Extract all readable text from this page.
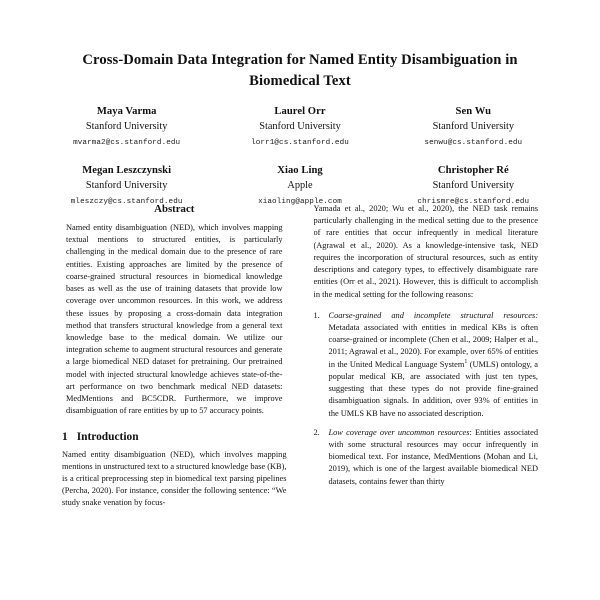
Cross-Domain Data Integration for Named Entity Disambiguation in Biomedical Text
Maya Varma
Stanford University
mvarma2@cs.stanford.edu
Laurel Orr
Stanford University
lorr1@cs.stanford.edu
Sen Wu
Stanford University
senwu@cs.stanford.edu
Megan Leszczynski
Stanford University
mleszczy@cs.stanford.edu
Xiao Ling
Apple
xiaoling@apple.com
Christopher Ré
Stanford University
chrismre@cs.stanford.edu
Abstract

Named entity disambiguation (NED), which involves mapping textual mentions to structured entities, is particularly challenging in the medical domain due to the presence of rare entities. Existing approaches are limited by the presence of coarse-grained structural resources in biomedical knowledge bases as well as the use of training datasets that provide low coverage over uncommon resources. In this work, we address these issues by proposing a cross-domain data integration method that transfers structural knowledge from a general text knowledge base to the medical domain. We utilize our integration scheme to augment structural resources and generate a large biomedical NED dataset for pretraining. Our pretrained model with injected structural knowledge achieves state-of-the-art performance on two benchmark medical NED datasets: MedMentions and BC5CDR. Furthermore, we improve disambiguation of rare entities by up to 57 accuracy points.

1 Introduction

Named entity disambiguation (NED), which involves mapping mentions in unstructured text to a structured knowledge base (KB), is a critical preprocessing step in biomedical text parsing pipelines (Percha, 2020). For instance, consider the following sentence: “We study snake venation by focus-

Yamada et al., 2020; Wu et al., 2020), the NED task remains particularly challenging in the medical setting due to the presence of rare entities that occur infrequently in medical literature (Agrawal et al., 2020). As a knowledge-intensive task, NED requires the incorporation of structural resources, such as entity descriptions and category types, to effectively disambiguate rare entities (Orr et al., 2021). However, this is difficult to accomplish in the medical setting for the following reasons:

1. Coarse-grained and incomplete structural resources: Metadata associated with entities in medical KBs is often coarse-grained or incomplete (Chen et al., 2009; Halper et al., 2011; Agrawal et al., 2020). For example, over 65% of entities in the United Medical Language System$^1$ (UMLS) ontology, a popular medical KB, are associated with just ten types, suggesting that these types do not provide fine-grained disambiguation signals. In addition, over 93% of entities in the UMLS KB have no associated description.
2. Low coverage over uncommon resources: Entities associated with some structural resources may occur infrequently in biomedical text. For instance, MedMentions (Mohan and Li, 2019), which is one of the largest available biomedical NED datasets, contains fewer than thirty
